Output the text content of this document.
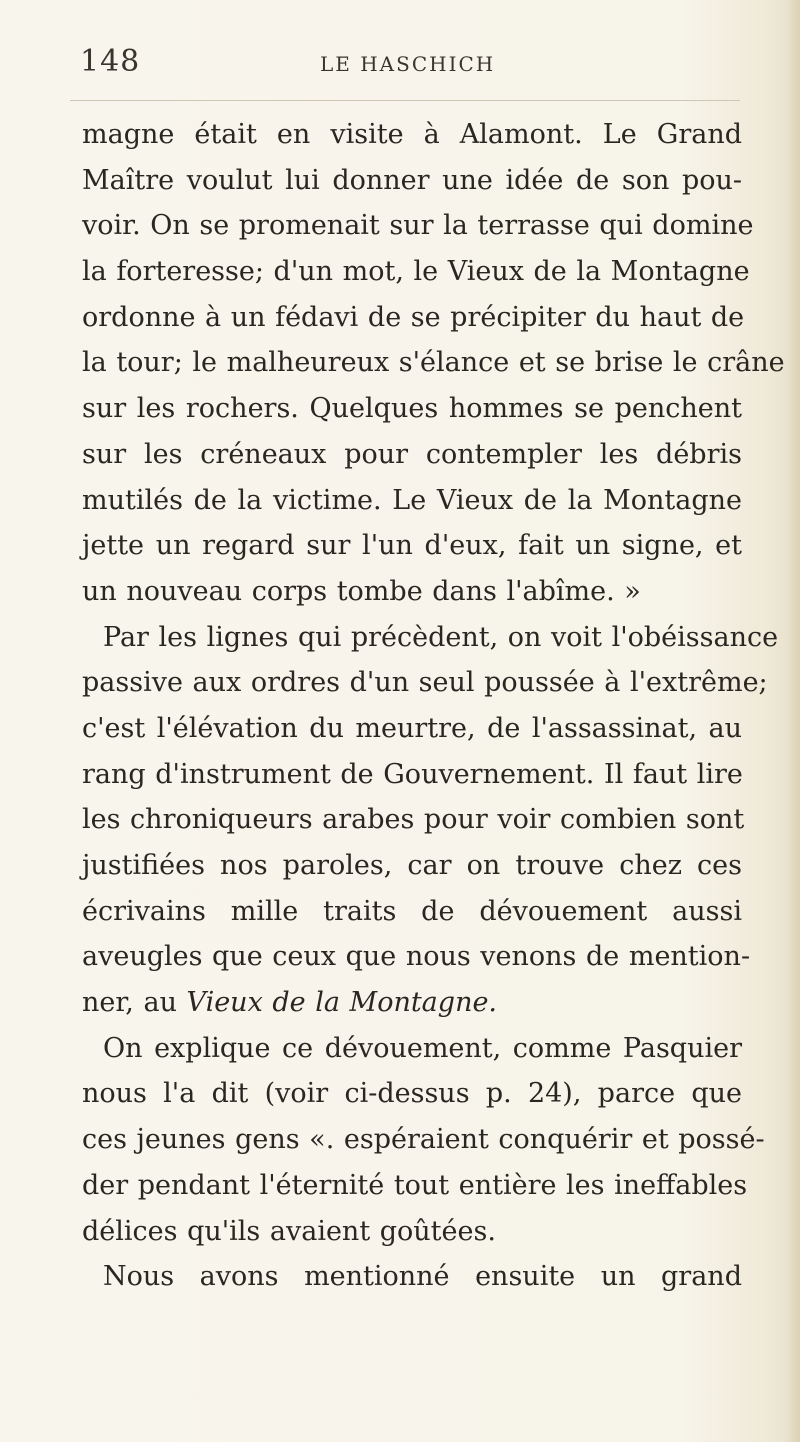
148	LE HASCHICH
magne était en visite à Alamont. Le Grand
Maître voulut lui donner une idée de son pou-
voir. On se promenait sur la terrasse qui domine
la forteresse; d'un mot, le Vieux de la Montagne
ordonne à un fédavi de se précipiter du haut de
la tour; le malheureux s'élance et se brise le crâne
sur les rochers. Quelques hommes se penchent
sur les créneaux pour contempler les débris
mutilés de la victime. Le Vieux de la Montagne
jette un regard sur l'un d'eux, fait un signe, et
un nouveau corps tombe dans l'abîme. »
Par les lignes qui précèdent, on voit l'obéissance
passive aux ordres d'un seul poussée à l'extrême;
c'est l'élévation du meurtre, de l'assassinat, au
rang d'instrument de Gouvernement. Il faut lire
les chroniqueurs arabes pour voir combien sont
justifiées nos paroles, car on trouve chez ces
écrivains mille traits de dévouement aussi
aveugles que ceux que nous venons de mention-
ner, au Vieux de la Montagne.
On explique ce dévouement, comme Pasquier
nous l'a dit (voir ci-dessus p. 24), parce que
ces jeunes gens «. espéraient conquérir et possé-
der pendant l'éternité tout entière les ineffables
délices qu'ils avaient goûtées.
Nous avons mentionné ensuite un grand
